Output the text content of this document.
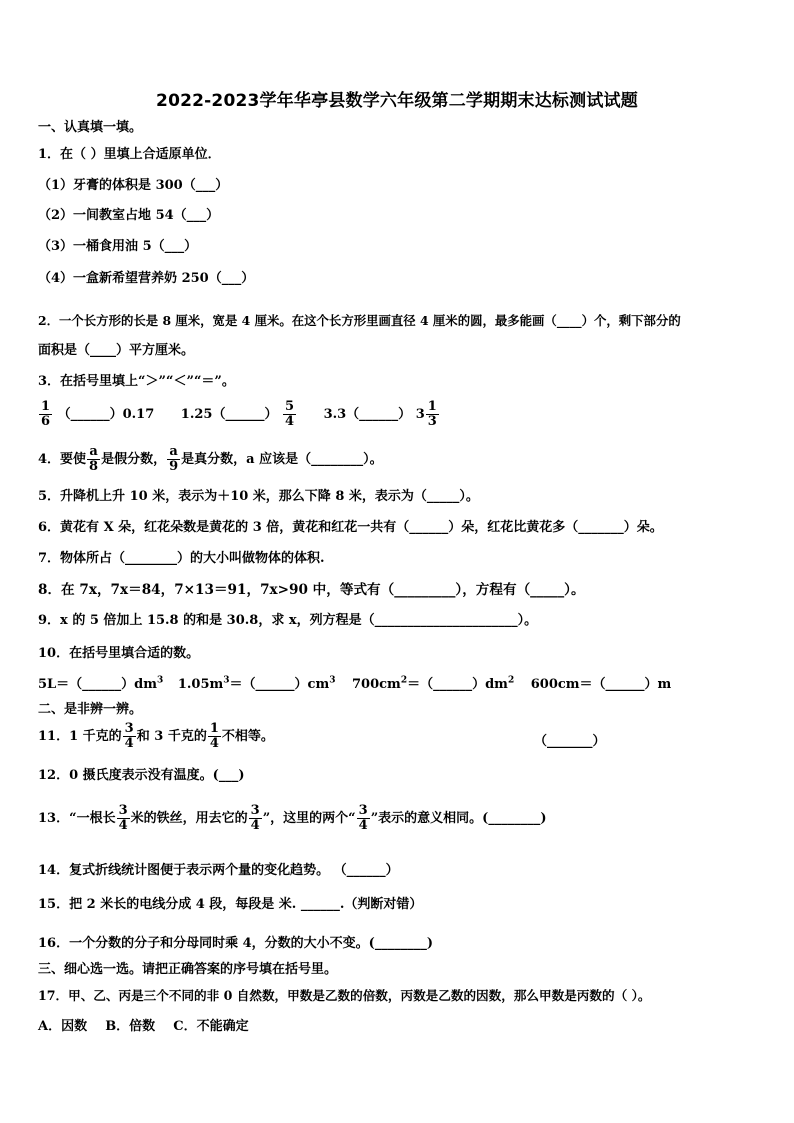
2022-2023学年华亭县数学六年级第二学期期末达标测试试题
一、认真填一填。
1．在（ ）里填上合适原单位．
（1）牙膏的体积是 300（___）
（2）一间教室占地 54（___）
（3）一桶食用油 5（___）
（4）一盒新希望营养奶 250（___）
2．一个长方形的长是 8 厘米，宽是 4 厘米。在这个长方形里画直径 4 厘米的圆，最多能画（____）个，剩下部分的
面积是（____）平方厘米。
3．在括号里填上“＞”“＜”“＝”。
$\frac{1}{6}$ （______）0.17 1.25（______） $\frac{5}{4}$ 3.3（______） $3 \frac{1}{3}$
4．要使 $\frac{a}{8}$ 是假分数， $\frac{a}{9}$ 是真分数，a 应该是（________）。
5．升降机上升 10 米，表示为＋10 米，那么下降 8 米，表示为（_____）。
6．黄花有 X 朵，红花朵数是黄花的 3 倍，黄花和红花一共有（______）朵，红花比黄花多（_______）朵。
7．物体所占（________）的大小叫做物体的体积.
8．在 7x，7x＝84，7×13＝91，7x>90 中，等式有（_________），方程有（_____）。
9．x 的 5 倍加上 15.8 的和是 30.8，求 x，列方程是（______________________）。
10．在括号里填合适的数。
$5L=(\_\_\_\_\_\_)dm^3$ $1.05m^3=(\_\_\_\_\_\_)cm^3$ $700cm^2=(\_\_\_\_\_\_)dm^2$ 600cm＝（______）m
二、是非辨一辨。
11．1 千克的 $\frac{3}{4}$ 和 3 千克的 $\frac{1}{4}$ 不相等。	（_______）
12．0 摄氏度表示没有温度。(___)
13．“一根长 $\frac{3}{4}$ 米的铁丝，用去它的 $\frac{3}{4}$ ”，这里的两个“ $\frac{3}{4}$ ”表示的意义相同。(________)
14．复式折线统计图便于表示两个量的变化趋势。 （______）
15．把 2 米长的电线分成 4 段，每段是 米. ______.（判断对错）
16．一个分数的分子和分母同时乘 4，分数的大小不变。(________)
三、细心选一选。请把正确答案的序号填在括号里。
17．甲、乙、丙是三个不同的非 0 自然数，甲数是乙数的倍数，丙数是乙数的因数，那么甲数是丙数的（ ）。
A．因数    B．倍数    C．不能确定
